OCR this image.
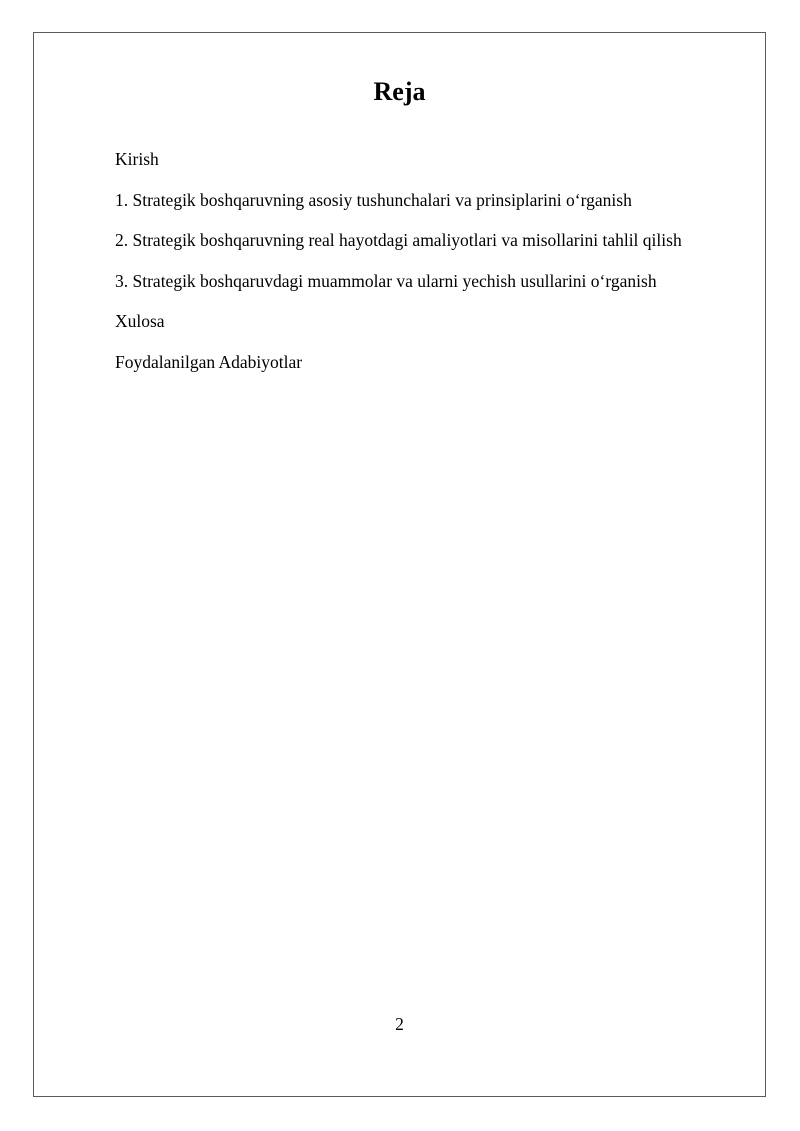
Reja
Kirish
1. Strategik boshqaruvning asosiy tushunchalari va prinsiplarini o‘rganish
2. Strategik boshqaruvning real hayotdagi amaliyotlari va misollarini tahlil qilish
3. Strategik boshqaruvdagi muammolar va ularni yechish usullarini o‘rganish
Xulosa
Foydalanilgan Adabiyotlar
2
